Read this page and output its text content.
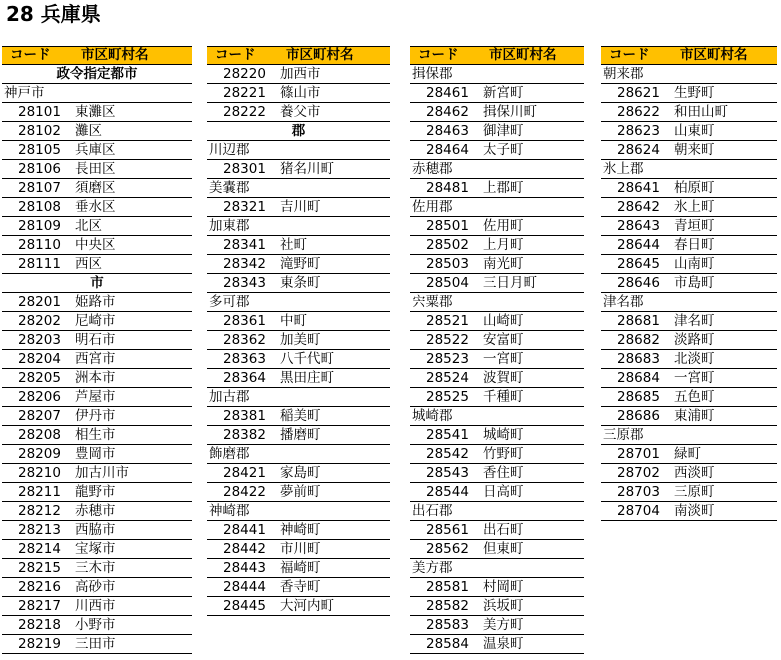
28 兵庫県
コード 市区町村名
政令指定都市
神戸市
28101 東灘区
28102 灘区
28105 兵庫区
28106 長田区
28107 須磨区
28108 垂水区
28109 北区
28110 中央区
28111 西区
市
28201 姫路市
28202 尼崎市
28203 明石市
28204 西宮市
28205 洲本市
28206 芦屋市
28207 伊丹市
28208 相生市
28209 豊岡市
28210 加古川市
28211 龍野市
28212 赤穂市
28213 西脇市
28214 宝塚市
28215 三木市
28216 高砂市
28217 川西市
28218 小野市
28219 三田市
コード 市区町村名
28220 加西市
28221 篠山市
28222 養父市
郡
川辺郡
28301 猪名川町
美嚢郡
28321 吉川町
加東郡
28341 社町
28342 滝野町
28343 東条町
多可郡
28361 中町
28362 加美町
28363 八千代町
28364 黒田庄町
加古郡
28381 稲美町
28382 播磨町
飾磨郡
28421 家島町
28422 夢前町
神崎郡
28441 神崎町
28442 市川町
28443 福崎町
28444 香寺町
28445 大河内町
コード 市区町村名
揖保郡
28461 新宮町
28462 揖保川町
28463 御津町
28464 太子町
赤穂郡
28481 上郡町
佐用郡
28501 佐用町
28502 上月町
28503 南光町
28504 三日月町
宍粟郡
28521 山崎町
28522 安富町
28523 一宮町
28524 波賀町
28525 千種町
城崎郡
28541 城崎町
28542 竹野町
28543 香住町
28544 日高町
出石郡
28561 出石町
28562 但東町
美方郡
28581 村岡町
28582 浜坂町
28583 美方町
28584 温泉町
コード 市区町村名
朝来郡
28621 生野町
28622 和田山町
28623 山東町
28624 朝来町
氷上郡
28641 柏原町
28642 氷上町
28643 青垣町
28644 春日町
28645 山南町
28646 市島町
津名郡
28681 津名町
28682 淡路町
28683 北淡町
28684 一宮町
28685 五色町
28686 東浦町
三原郡
28701 緑町
28702 西淡町
28703 三原町
28704 南淡町
